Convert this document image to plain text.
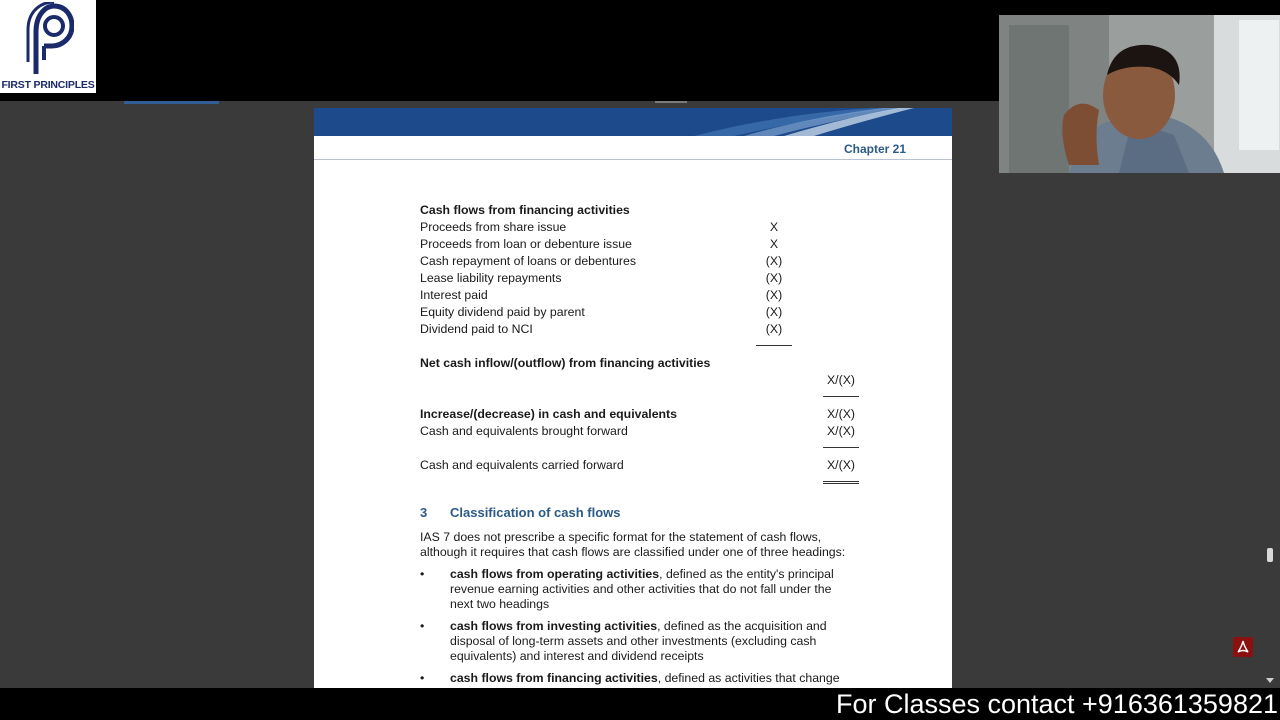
FIRST PRINCIPLES
Chapter 21
Cash flows from financing activities
Proceeds from share issue	X
Proceeds from loan or debenture issue	X
Cash repayment of loans or debentures	(X)
Lease liability repayments	(X)
Interest paid	(X)
Equity dividend paid by parent	(X)
Dividend paid to NCI	(X)
Net cash inflow/(outflow) from financing activities
X/(X)
Increase/(decrease) in cash and equivalents	X/(X)
Cash and equivalents brought forward	X/(X)
Cash and equivalents carried forward	X/(X)
3 Classification of cash flows
IAS 7 does not prescribe a specific format for the statement of cash flows,
although it requires that cash flows are classified under one of three headings:
• cash flows from operating activities, defined as the entity's principal
revenue earning activities and other activities that do not fall under the
next two headings
• cash flows from investing activities, defined as the acquisition and
disposal of long-term assets and other investments (excluding cash
equivalents) and interest and dividend receipts
• cash flows from financing activities, defined as activities that change
For Classes contact +916361359821
